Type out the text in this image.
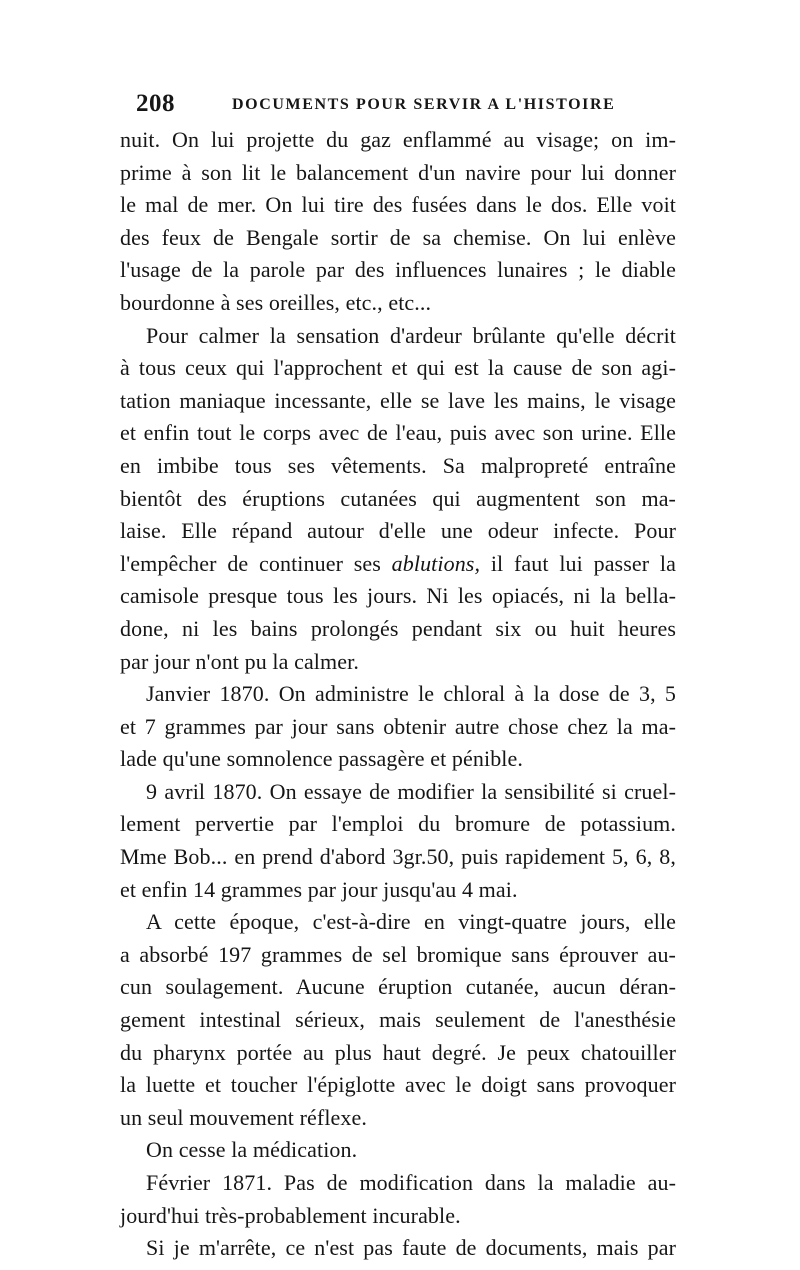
208	DOCUMENTS POUR SERVIR A L'HISTOIRE
nuit. On lui projette du gaz enflammé au visage; on im-
prime à son lit le balancement d'un navire pour lui donner
le mal de mer. On lui tire des fusées dans le dos. Elle voit
des feux de Bengale sortir de sa chemise. On lui enlève
l'usage de la parole par des influences lunaires ; le diable
bourdonne à ses oreilles, etc., etc...
Pour calmer la sensation d'ardeur brûlante qu'elle décrit
à tous ceux qui l'approchent et qui est la cause de son agi-
tation maniaque incessante, elle se lave les mains, le visage
et enfin tout le corps avec de l'eau, puis avec son urine. Elle
en imbibe tous ses vêtements. Sa malpropreté entraîne
bientôt des éruptions cutanées qui augmentent son ma-
laise. Elle répand autour d'elle une odeur infecte. Pour
l'empêcher de continuer ses ablutions, il faut lui passer la
camisole presque tous les jours. Ni les opiacés, ni la bella-
done, ni les bains prolongés pendant six ou huit heures
par jour n'ont pu la calmer.
Janvier 1870. On administre le chloral à la dose de 3, 5
et 7 grammes par jour sans obtenir autre chose chez la ma-
lade qu'une somnolence passagère et pénible.
9 avril 1870. On essaye de modifier la sensibilité si cruel-
lement pervertie par l'emploi du bromure de potassium.
Mme Bob... en prend d'abord 3gr.50, puis rapidement 5, 6, 8,
et enfin 14 grammes par jour jusqu'au 4 mai.
A cette époque, c'est-à-dire en vingt-quatre jours, elle
a absorbé 197 grammes de sel bromique sans éprouver au-
cun soulagement. Aucune éruption cutanée, aucun déran-
gement intestinal sérieux, mais seulement de l'anesthésie
du pharynx portée au plus haut degré. Je peux chatouiller
la luette et toucher l'épiglotte avec le doigt sans provoquer
un seul mouvement réflexe.
On cesse la médication.
Février 1871. Pas de modification dans la maladie au-
jourd'hui très-probablement incurable.
Si je m'arrête, ce n'est pas faute de documents, mais par
